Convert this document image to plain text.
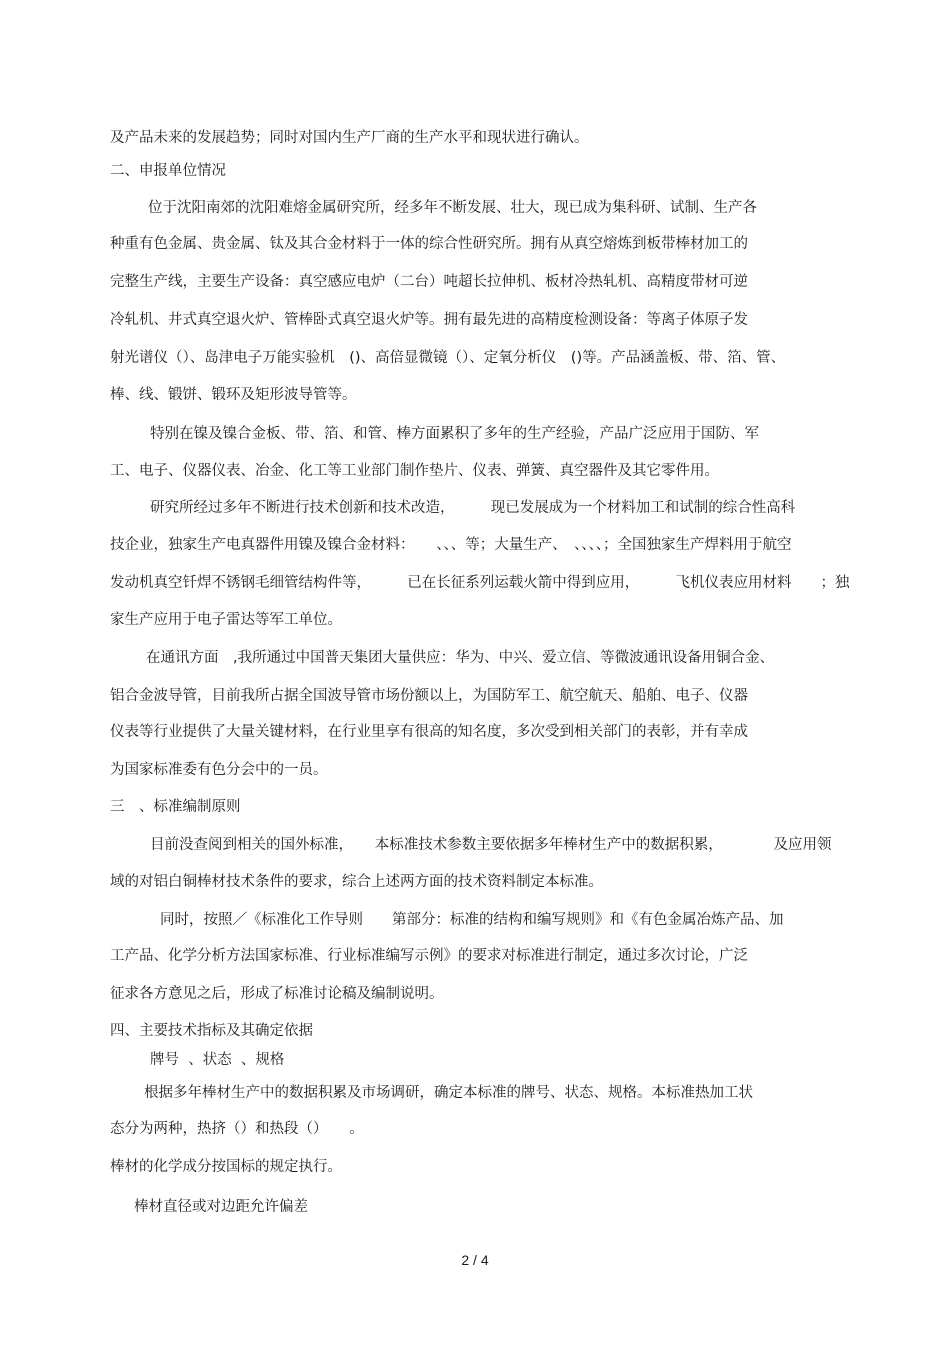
及产品未来的发展趋势；同时对国内生产厂商的生产水平和现状进行确认。
二、申报单位情况
位于沈阳南郊的沈阳难熔金属研究所，经多年不断发展、壮大，现已成为集科研、试制、生产各
种重有色金属、贵金属、钛及其合金材料于一体的综合性研究所。拥有从真空熔炼到板带棒材加工的
完整生产线，主要生产设备：真空感应电炉（二台）吨超长拉伸机、板材冷热轧机、高精度带材可逆
冷轧机、井式真空退火炉、管棒卧式真空退火炉等。拥有最先进的高精度检测设备：等离子体原子发
射光谱仪（）、岛津电子万能实验机　()、高倍显微镜（）、定氧分析仪　()等。产品涵盖板、带、箔、管、
棒、线、锻饼、锻环及矩形波导管等。
特别在镍及镍合金板、带、箔、和管、棒方面累积了多年的生产经验，产品广泛应用于国防、军
工、电子、仪器仪表、冶金、化工等工业部门制作垫片、仪表、弹簧、真空器件及其它零件用。
研究所经过多年不断进行技术创新和技术改造，　　　现已发展成为一个材料加工和试制的综合性高科
技企业，独家生产电真器件用镍及镍合金材料：　　、、、等；大量生产、　、、、、；全国独家生产焊料用于航空
发动机真空钎焊不锈钢毛细管结构件等，　　　已在长征系列运载火箭中得到应用，　　　飞机仪表应用材料　　；独
家生产应用于电子雷达等军工单位。
在通讯方面　,我所通过中国普天集团大量供应：华为、中兴、爱立信、等微波通讯设备用铜合金、
铝合金波导管，目前我所占据全国波导管市场份额以上，为国防军工、航空航天、船舶、电子、仪器
仪表等行业提供了大量关键材料，在行业里享有很高的知名度，多次受到相关部门的表彰，并有幸成
为国家标准委有色分会中的一员。
三　、标准编制原则
目前没查阅到相关的国外标准，　　本标准技术参数主要依据多年棒材生产中的数据积累，　　　　及应用领
域的对铝白铜棒材技术条件的要求，综合上述两方面的技术资料制定本标准。
同时，按照／《标准化工作导则　　第部分：标准的结构和编写规则》和《有色金属冶炼产品、加
工产品、化学分析方法国家标准、行业标准编写示例》的要求对标准进行制定，通过多次讨论，广泛
征求各方意见之后，形成了标准讨论稿及编制说明。
四、主要技术指标及其确定依据
牌号  、状态  、规格
根据多年棒材生产中的数据积累及市场调研，确定本标准的牌号、状态、规格。本标准热加工状
态分为两种，热挤（）和热段（）　　。
棒材的化学成分按国标的规定执行。
棒材直径或对边距允许偏差
2 / 4
